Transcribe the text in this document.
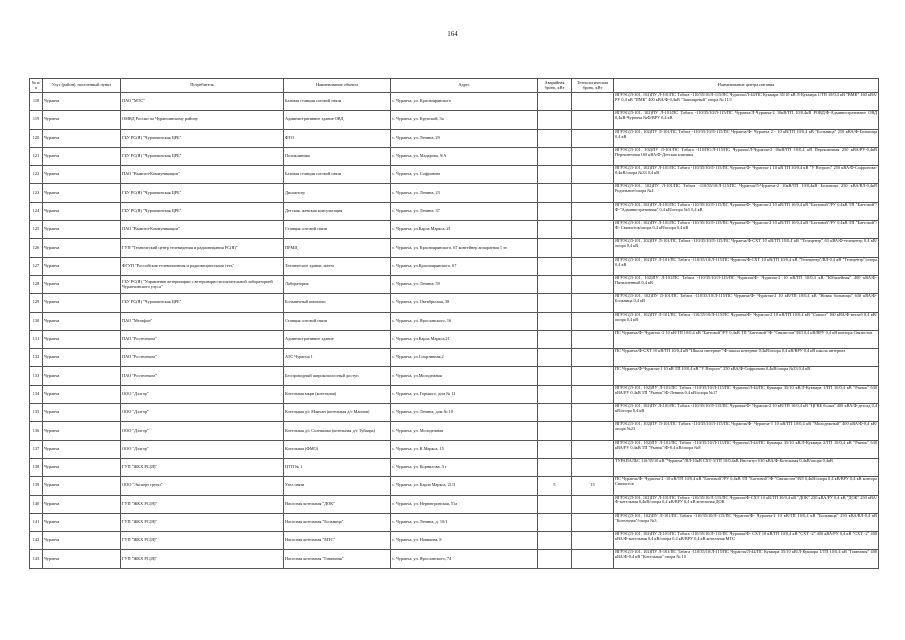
164
№ п/п	Улус (район), населенный пункт	Потребитель	Наименование объекта	Адрес	Аварийная бронь, кВт	Технологическая бронь, кВт	Наименование центра питания
118	Чурапча	ПАО "МТС"	Базовая станция сотовой связи	с. Чурапча, ул. Красноярянского			ЯГРЭС(Л-101, 102)ПУ Л-101/ПС Табага -110/35/10/Л-115/ПС Чурапча/Л-44/ПС Кукмара 35/10 кВ Л-Кукмара 1/ТП 10/0,4 кВ "ВМК" 160 кВА/РУ 0,4 кВ "ПМК" 400 кВА/Ф-0,4кВ "Заполярный" опора № 11/1
119	Чурапча	ОМВД России по Чурапчинскому району	Административное здание ОВД	с. Чурапча, ул. Крупской, 3а			ЯГРЭС(Л-101, 102)ПУ Л-101/ПС Табага -110/35/10/Л-115/ПС Чурапча/Л-Чурапча-2 10кВ/ТП 10/0,4кВ РОВД/Ф-Административное ОВД 0,4кВ-Чурапча №Ф/ВРУ 0,4 кВ
120	Чурапча	ГБУ РС(Я) "Чурапчинская ЦРБ"	ФТО	с. Чурапча, ул. Ленина, 29			ЯГРЭС(Л-101, 102)ПУ Л-101/ПС Табага -110/35/10/Л-115/ПС Чурапча/Ф- Чурапча 2 - 10 кВ/ТП 10/0,4 кВ "Больница" 250 кВА/Ф-Больница 0,4 кВ
121	Чурапча	ГБУ РС(Я) "Чурапчинская ЦРБ"	Поликлиника	с. Чурапча, ул. Мадарова, 9/А			ЯГРЭС(Л-101, 102)ПУ Л-101/ПС Табага -110/ПС/Л-115/ПС Чурапча/Л-Чурапча-2 10кВ/ТП 10/0,4 кВ Переключная 250 кВА/РУ-0,4кВ Переключная 160 кВА/Ф-Детская клиника
122	Чурапча	ПАО "Вымпел-Коммуникации"	Базовая станция сотовой связи	с. Чурапча, ул. Софронова			ЯГРЭС(Л-101, 102)ПУ Л-101/ПС Табага -110/35/10/Л-115/ПС Чурапча/Ф- Чурапча-1 10 кВ ТП 10/0,4 кВ "У Второго" 250 кВА/Ф-Софронова- 0,4кВ/опора №33 0,4 кВ
123	Чурапча	ГБУ РС(Я) "Чурапчинская ЦРБ"	Диспансер	с. Чурапча, ул. Ленина, 23			ЯГРЭС(Л-101, 102)ПУ Л-101/ПС Табага -110/35/10/Л-115/ПС Чурапча/Л-Чурапча-2 10кВ/ТП 10/0,4кВ Больница 250 кВА/ВЛ-0,4кВ Родильное/опора №4
124	Чурапча	ГБУ РС(Я) "Чурапчинская ЦРБ"	Детская, женская консультация	с. Чурапча, ул. Ленина, 37			ЯГРЭС(Л-101, 102)ПУ Л-101/ПС Табага -110/35/10/Л-115/ПС Чурапча/Ф- Чурапча-2 10 кВ/ТП 10/0,4 кВ "Баттовой"/РУ 0,4кВ ТП "Баттовой"/Ф-"Административная" 0,4 кВ/опора №5 0,4 кВ
125	Чурапча	ПАО "Вымпел-Коммуникации"	Станция сотовой связи	с. Чурапча, ул.Карла Маркса, 21			ЯГРЭС(Л-101, 102)ПУ Л-101/ПС Табага -110/35/10/Л-115/ПС Чурапча/Ф- Чурапча-2 10 кВ/ТП 10/0,4 кВ "Баттовой"/РУ 0,4кВ ТП "Баттовой"/Ф- Связистов/опора 0,4 кВ/опора 0,4 кВ
126	Чурапча	ГУП "Технический центр телевидения и радиовещания РС(Я)"	ПРМЦ	с. Чурапча, ул. Красноярянского, 67 контейнер аппаратная 1 эт.			ЯГРЭС(Л-101, 102)ПУ Л-101/ПС Табага -110/35/10/Л-115/ПС Чурапча/Ф-СХТ 10 кВ/ТП 10/0,4 кВ "Телецентр" 63 кВА/Ф-телецентр 0,4 кВ/опора 0,4 кВ
127	Чурапча	ФГУП "Российская телевизионная и радиовещательная сеть"	Техническое здание, мачта	с. Чурапча, ул.Красноярянского, 67			ЯГРЭС(Л-101, 102)ПУ Л-101/ПС Табага -110/35/10/Л-115/ПС Чурапча/Ф-СХТ 10 кВ/ТП 10/0,4 кВ "Телецентр"/ВЛ-0,4 кВ "Телецентр"/опора 0,4 кВ
128	Чурапча	ГБУ РС(Я) "Управление ветеринарии с ветеринарно-испытательной лабораторией Чурапчинского улуса"	Лаборатория	с. Чурапча, ул. Ленина, 59			ЯГРЭС(Л-101, 102)ПУ Л-101/ПС Табага -110/35/10/Л-115/ПС Чурапча/Ф- Чурапча-2 10 кВ/ТП 10/0,4 кВ "Юбилейная" 400 кВА/Ф-Пятилиенный 0,4 кВ
129	Чурапча	ГБУ РС(Я) "Чурапчинская ЦРБ"	Больничный комплекс	с. Чурапча, ул. Октябрьская, 38			ЯГРЭС(Л-101, 102)ПУ Л-101/ПС Табага -110/35/10/Л-115/ПС Чурапча/Ф- Чурапча-2 10 кВ/ТП 10/0,4 кВ "Новая больница" 630 кВА/Ф-Больница 0,4 кВ
130	Чурапча	ПАО "Мегафон"	Станция сотовой связи	с. Чурапча, ул. Ярославского, 16			ЯГРЭС(Л-101, 102)ПУ Л-101/ПС Табага -110/35/10/Л-115/ПС Чурапча/Ф- Чурапча-2 10 кВ/ТП 10/0,4 кВ "Совхоз" 160 кВА/Ф-ветлаб 0,4 кВ/опора 0,4 кВ
131	Чурапча	ПАО "Ростелеком"	Административное здание	с. Чурапча, ул.Карла Маркса,21			ПС Чурапча/Ф- Чурапча -2 10 кВ/ТП 10/0,4 кВ "Баттовой"/РУ 0,4кВ ТП "Баттовой"/Ф-"Связистов"/ВЛ 0,4 кВ/ВРУ 0,4 кВ контора Связистов
132	Чурапча	ПАО "Ростелеком"	АТС Чурапча 1	с. Чурапча, ул.Спортивная,2			ПС Чурапча/Ф-СХТ 10 кВ/ТП 10/0,4 кВ "Школа интернат"/Ф-школа интернат 0,4кВ/опора 0,4 кВ/ВРУ 0,4 кВ школа интернат
133	Чурапча	ПАО "Ростелеком"	Беспроводный широкополосный доступ	с. Чурапча, ул.Молодежная			ПС Чурапча/Ф-Чурапча-1 10 кВ ТП 10/0,4 кВ "У Второго" 250 кВА/Ф-Софронова 0,4кВ/опора №33 0,4 кВ
134	Чурапча	ООО "Дэлгэр"	Котельная мкрн (котельная)	с. Чурапча, ул. Горького, дом № 11			ЯГРЭС(Л-101, 102)ПУ Л-101/ПС Табага -110/35/10/Л-115/ПС Чурапча/Л-44/ПС Кукмара 35/10 кВ/Л-Кукмара 1/ТП 10/0,4 кВ "Рынок" 630 кВА/РУ 0,4кВ ТП "Рынок"/Ф-Ленина 0,4 кВ/опора №17
135	Чурапча	ООО "Дэлгэр"	Котельная д/с Маичан (котельная д/с Маичан)	с. Чурапча, ул. Ленина, дом № 10			ЯГРЭС(Л-101, 102)ПУ Л-101/ПС Табага -110/35/10/Л-115/ПС Чурапча/Ф- Чурапча-2 10 кВ/ТП 10/0,4 кВ "ЦГКБ больн" 400 кВА/Ф-детсад 0,4 кВ/опора 0,4 кВ
136	Чурапча	ООО "Дэлгэр"	Котельная д/с Солнышко (котельная д/с Туйаара)	с. Чурапча, ул. Молодежная			ЯГРЭС(Л-101, 102)ПУ Л-101/ПС Табага -110/35/10/Л-115/ПС Чурапча/Ф- Чурапча-1 10 кВ/ТП 10/0,4 кВ "Молодежный" 400 кВА/Ф-0,4 кВ/опора №23
137	Чурапча	ООО "Дэлгэр"	Котельная (ФМО)	с. Чурапча, ул. К.Маркса, 15			ЯГРЭС(Л-101, 102)ПУ Л-101/ПС Табага -110/35/10/Л-115/ПС Чурапча/Л-44/ПС Кукмара 35/10 кВ/Л-Кукмара 2/ТП 10/0,4 кВ "Рынок" 630 кВА/РУ 0,4кВ ТП "Рынок"/Ф-0,4 кВ/опора №8
138	Чурапча	ГУП "ЖКХ РС(Я)"	ЦТП № 1	с. Чурапча, ул. Корнилова, 3 г			ТУРАПАЛЬС 110/35/10 кВ "Чурапча"/ВЛ-10кВ СХТ-3/ТП 10/0,4кВ Институт 630 кВА/Ф-Котельная 0,4кВ/опора 0,4кВ
139	Чурапча	ООО "Эксперт групп"	Узел связи	с. Чурапча, ул. Карла Маркса, 21/3	5	15	ПС Чурапча/Ф- Чурапча-2 -10 кВ/ТП 10/0,4 кВ "Баттовой"/РУ 0,4кВ ТП "Баттовой"/Ф-"Связистов"/ВЛ 0,4кВ/опора 0,4 кВ/ВРУ 0,4 кВ контора Связистов
140	Чурапча	ГУП "ЖКХ РС(Я)"	Насосная котельная "ДОК"	с. Чурапча, ул. Нерюнгринская, 51а			ЯГРЭС(Л-101, 102)ПУ Л-101/ПС Табага -110/35/10/Л-115/ПС Чурапча/Ф-СХТ 10 кВ/ТП 10/0,4 кВ "ДОК" 250 кВА/РУ 0,4 кВ "ДОК" 250 кВА/Ф-котельная 0,4кВ/опора 0,4 кВ/ВРУ 0,4 кВ котельная ДОК
141	Чурапча	ГУП "ЖКХ РС(Я)"	Насосная котельная "Больница"	с. Чурапча, ул. Ленина, д. 10/1			ЯГРЭС(Л-101, 102)ПУ Л-101/ПС Табага -110/35/10/Л-115/ПС Чурапча/Ф- Чурапча-2 10 кВ/ТП 10/0,4 кВ "Больница" 250 кВА/ВЛ-0,4 кВ "Котельная"/опора №3
142	Чурапча	ГУП "ЖКХ РС(Я)"	Насосная котельная "МТС"	с. Чурапча, ул. Новикова, 8			ЯГРЭС(Л-101, 102)ПУ Л-101/ПС Табага -110/35/10/Л-115/ПС Чурапча/Ф- СХТ 10 кВ/ТП 10/0,4 кВ "СХТ -2" 400 кВА/РУ 0,4 кВ "СХТ -2" 400 кВА/Ф-котельная 0,4 кВ/опора 0,4 кВ/ВРУ 0,4 кВ котельная МТС
143	Чурапча	ГУП "ЖКХ РС(Я)"	Насосная котельная "Гимназия"	с. Чурапча, ул. Ярославского, 74			ЯГРЭС(Л-101, 102)ПУ Л-101/ПС Табага -110/35/10/Л-115/ПС Чурапча/Л-44/ПС Кукмара 35/10 кВ/Л-Кукмара 1/ТП 10/0,4 кВ "Гимназия" 400 кВА/Ф-0,4 кВ "Котельная" опора № 10
